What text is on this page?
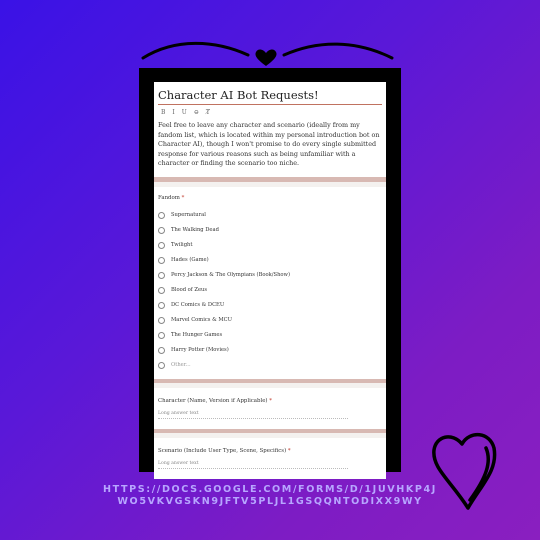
Character AI Bot Requests!
B I U ⊖ T̸

Feel free to leave any character and scenario (ideally from my fandom list, which is located within my personal introduction bot on Character AI), though I won't promise to do every single submitted response for various reasons such as being unfamiliar with a character or finding the scenario too niche.

Fandom *
Supernatural
The Walking Dead
Twilight
Hades (Game)
Percy Jackson & The Olympians (Book/Show)
Blood of Zeus
DC Comics & DCEU
Marvel Comics & MCU
The Hunger Games
Harry Potter (Movies)
Other...
Character (Name, Version if Applicable) *
Long answer text
Scenario (Include User Type, Scene, Specifics) *
Long answer text
HTTPS://DOCS.GOOGLE.COM/FORMS/D/1JUVHKP4J
WO5VKVGSKN9JFTV5PLJL1GSQQNTODIXX9WY
